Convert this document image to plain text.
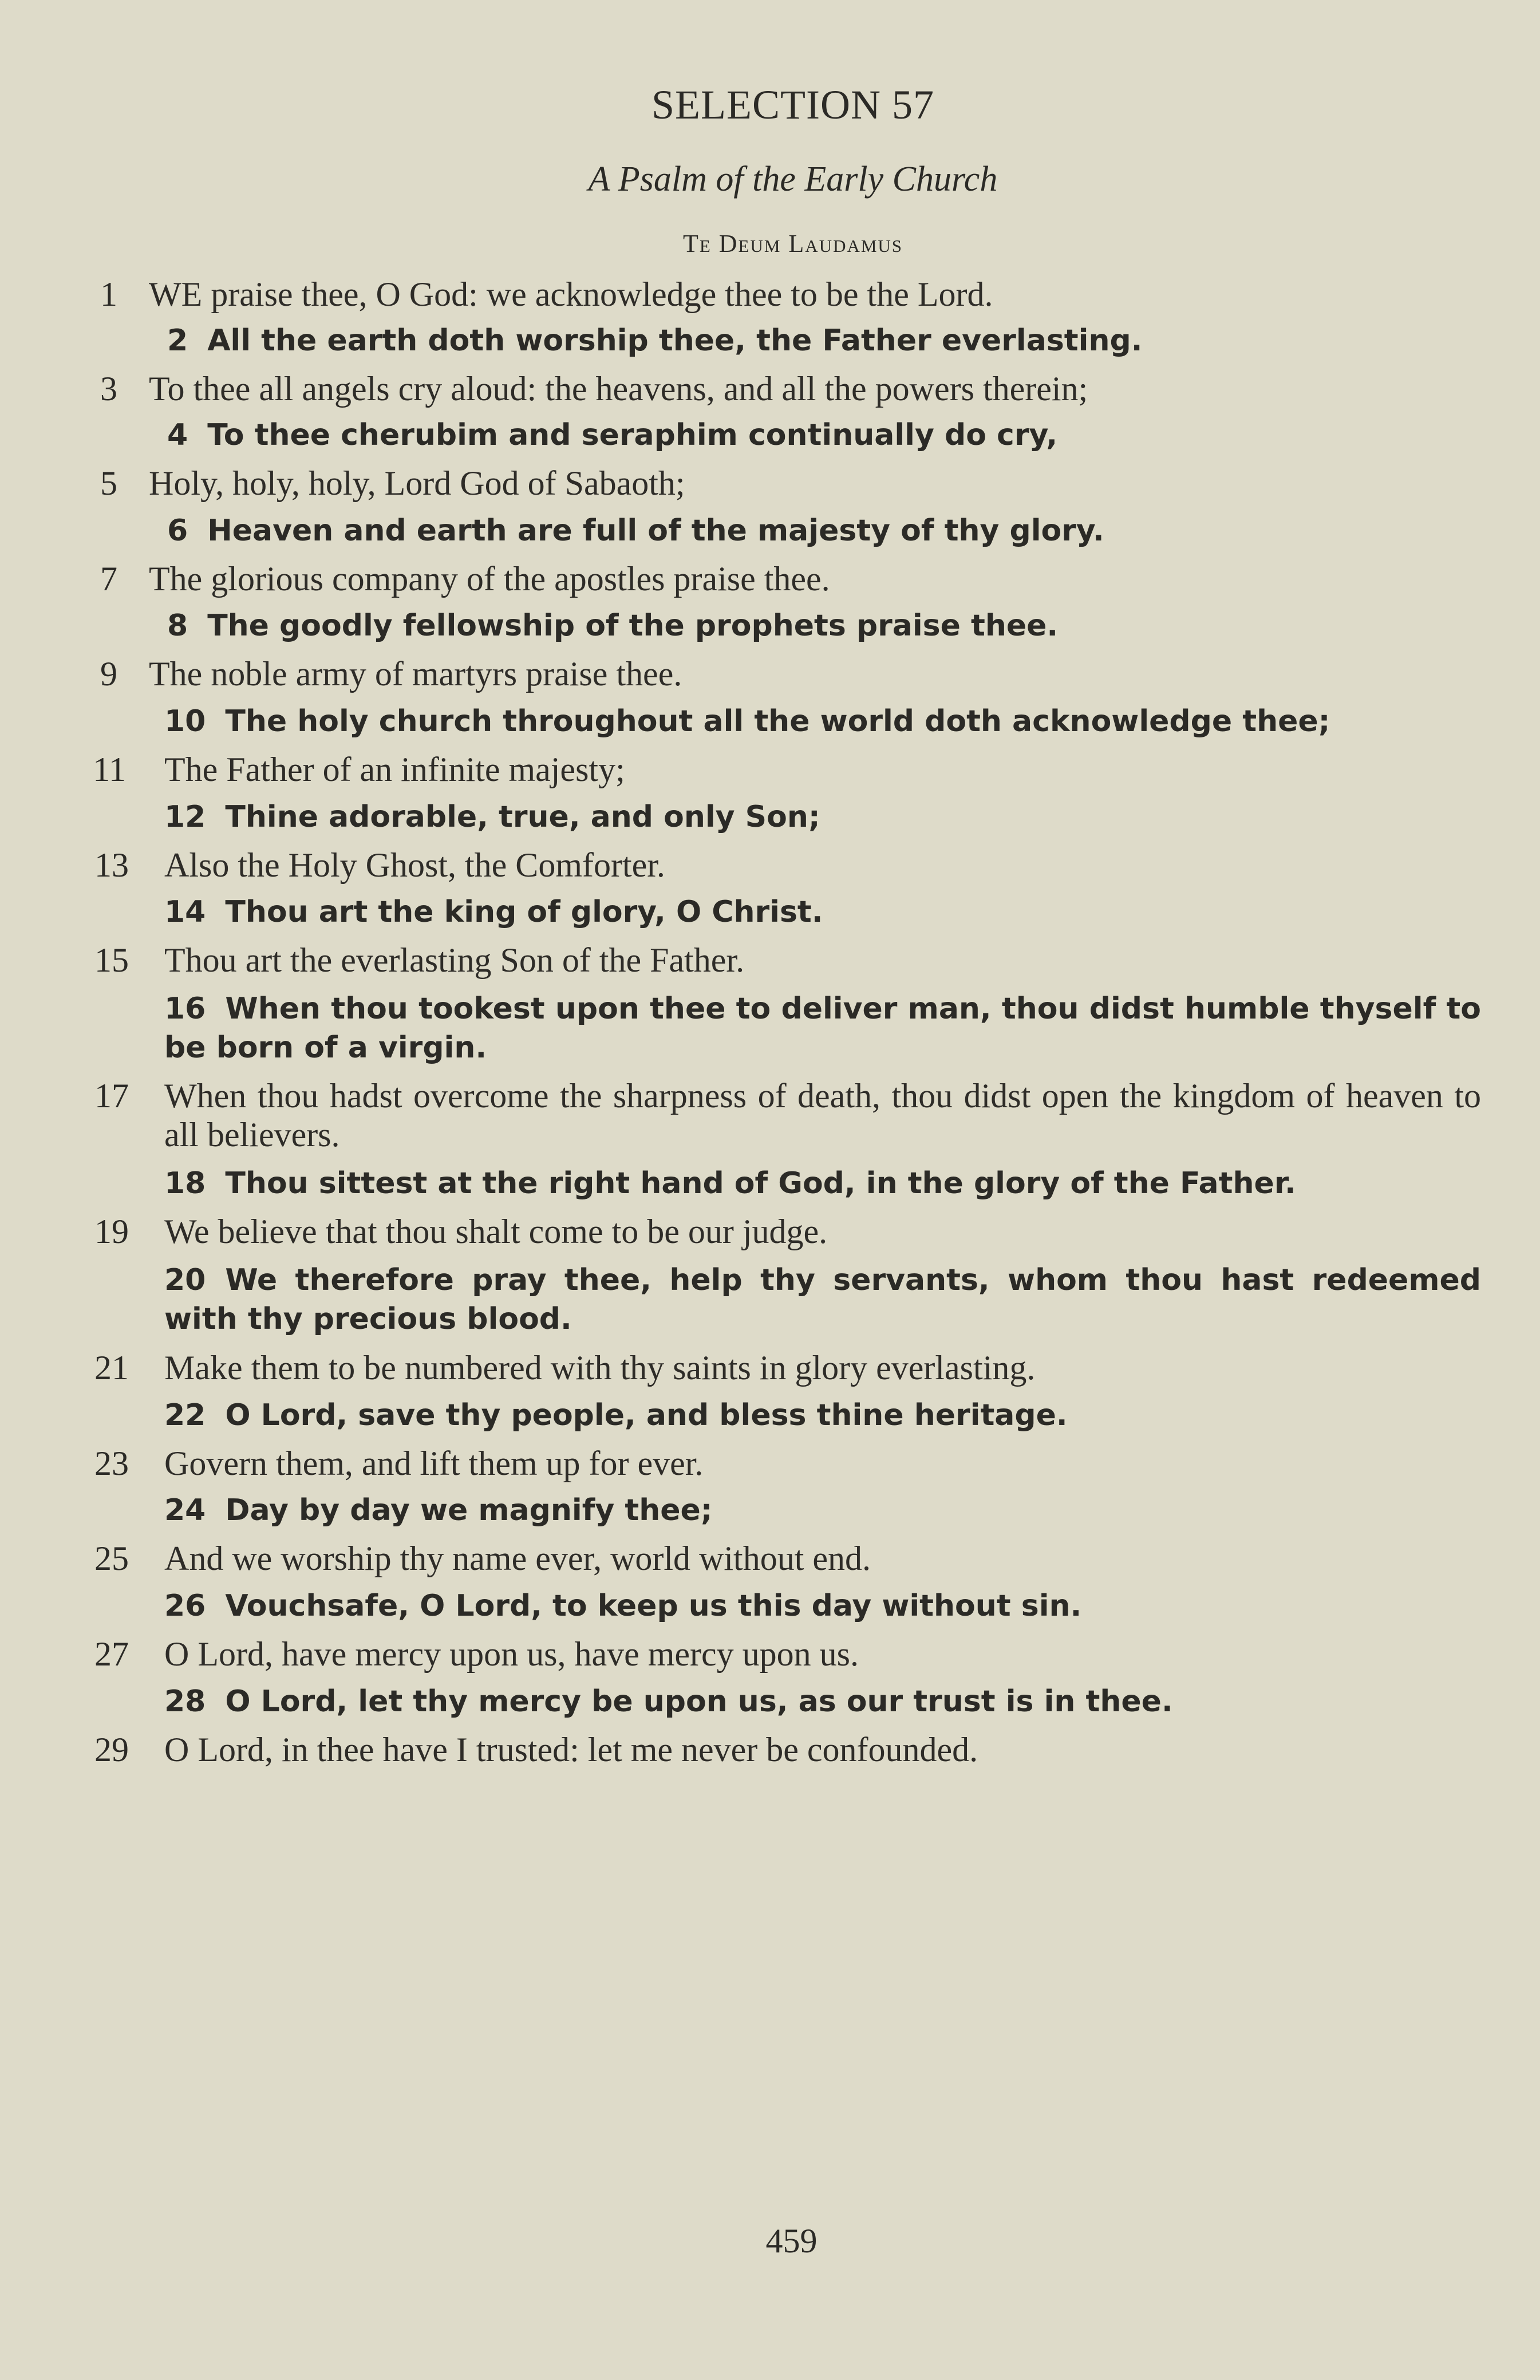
SELECTION 57
A Psalm of the Early Church
Te Deum Laudamus
1 WE praise thee, O God: we acknowledge thee to be the Lord.
2 All the earth doth worship thee, the Father everlasting.
3 To thee all angels cry aloud: the heavens, and all the powers therein;
4 To thee cherubim and seraphim continually do cry,
5 Holy, holy, holy, Lord God of Sabaoth;
6 Heaven and earth are full of the majesty of thy glory.
7 The glorious company of the apostles praise thee.
8 The goodly fellowship of the prophets praise thee.
9 The noble army of martyrs praise thee.
10 The holy church throughout all the world doth acknowledge thee;
11 The Father of an infinite majesty;
12 Thine adorable, true, and only Son;
13 Also the Holy Ghost, the Comforter.
14 Thou art the king of glory, O Christ.
15 Thou art the everlasting Son of the Father.
16 When thou tookest upon thee to deliver man, thou didst humble thyself to be born of a virgin.
17 When thou hadst overcome the sharpness of death, thou didst open the kingdom of heaven to all believers.
18 Thou sittest at the right hand of God, in the glory of the Father.
19 We believe that thou shalt come to be our judge.
20 We therefore pray thee, help thy servants, whom thou hast redeemed with thy precious blood.
21 Make them to be numbered with thy saints in glory everlasting.
22 O Lord, save thy people, and bless thine heritage.
23 Govern them, and lift them up for ever.
24 Day by day we magnify thee;
25 And we worship thy name ever, world without end.
26 Vouchsafe, O Lord, to keep us this day without sin.
27 O Lord, have mercy upon us, have mercy upon us.
28 O Lord, let thy mercy be upon us, as our trust is in thee.
29 O Lord, in thee have I trusted: let me never be confounded.
459
